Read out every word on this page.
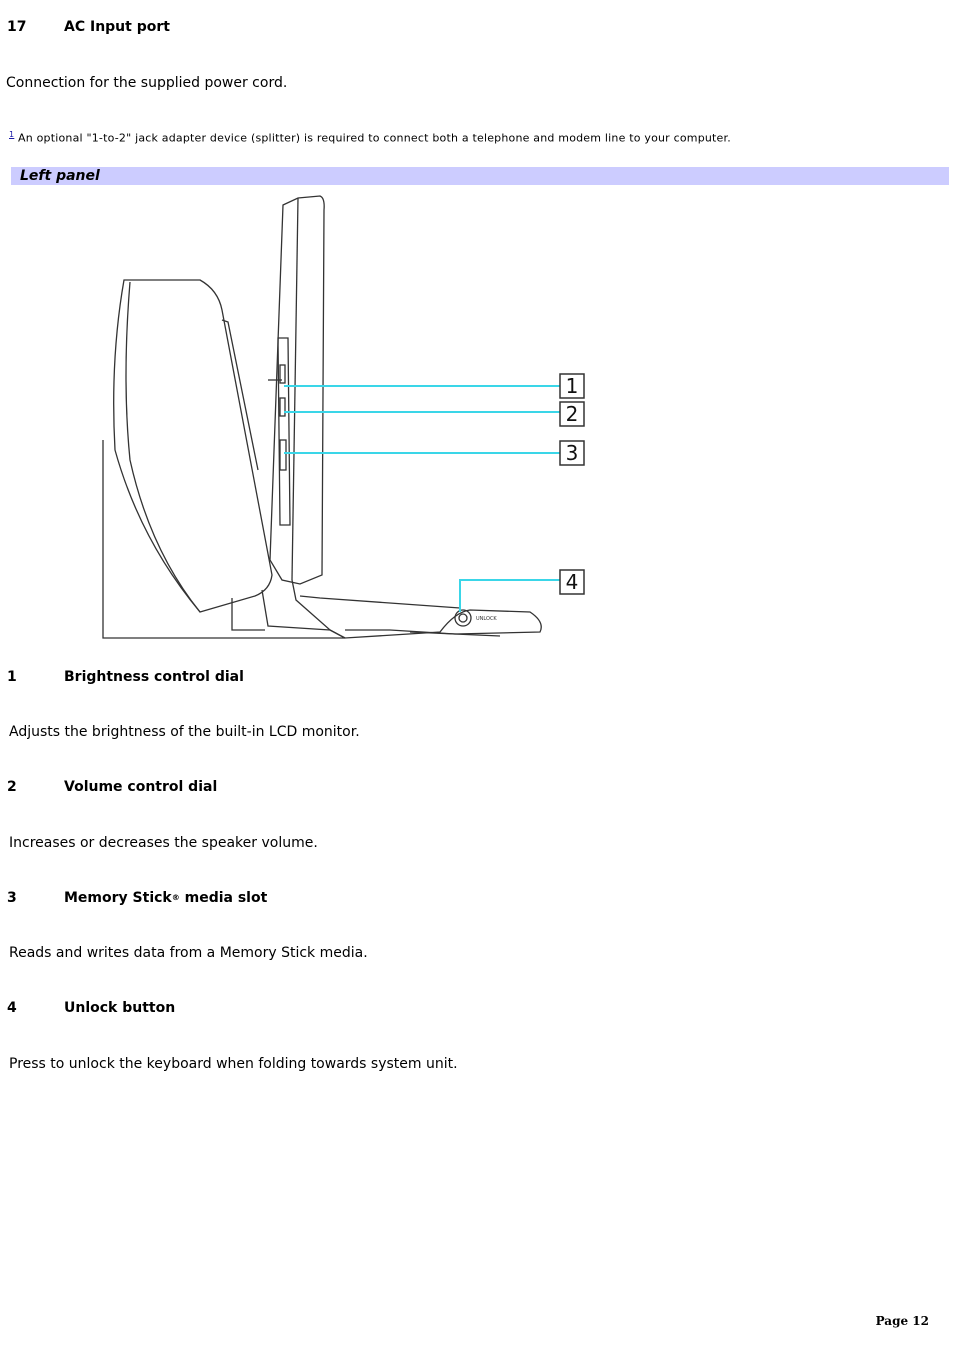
17	AC Input port
Connection for the supplied power cord.
$^1$ An optional "1-to-2" jack adapter device (splitter) is required to connect both a telephone and modem line to your computer.
Left panel
UNLOCK
1
2
3
4
1	Brightness control dial
Adjusts the brightness of the built-in LCD monitor.
2	Volume control dial
Increases or decreases the speaker volume.
3	Memory Stick® media slot
Reads and writes data from a Memory Stick media.
4	Unlock button
Press to unlock the keyboard when folding towards system unit.
Page 12
